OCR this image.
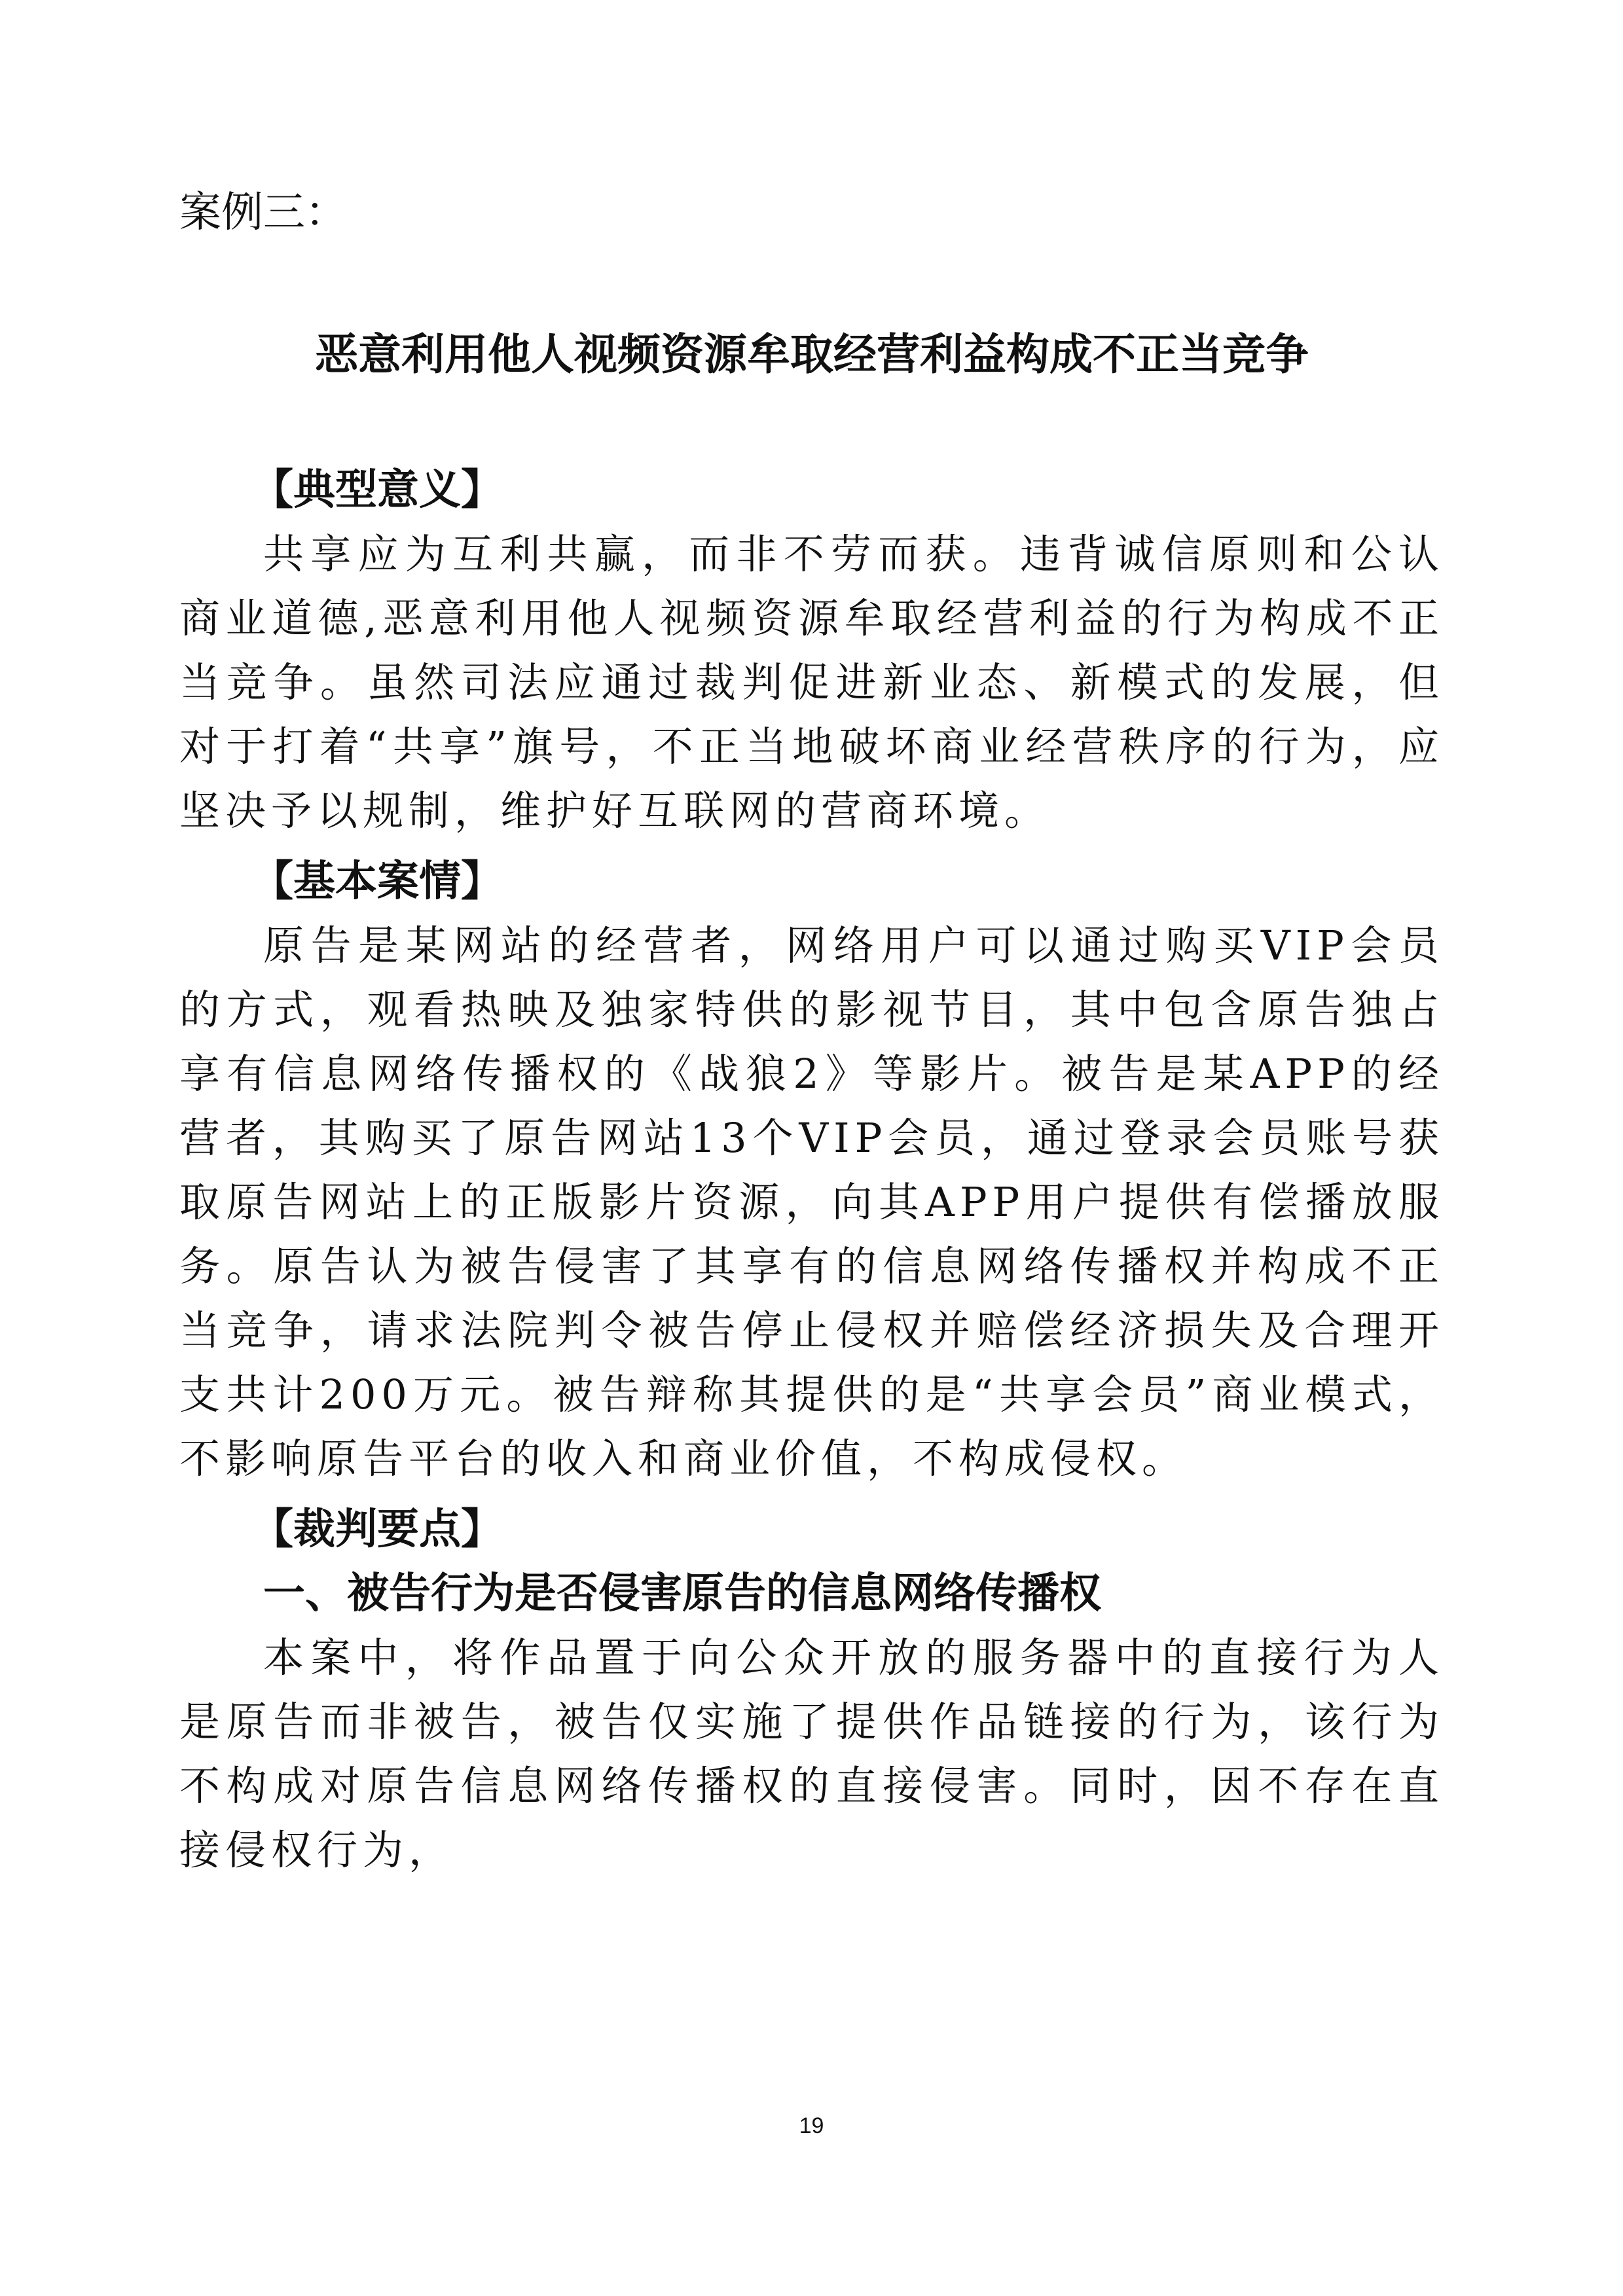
案例三：
恶意利用他人视频资源牟取经营利益构成不正当竞争
【典型意义】

共享应为互利共赢，而非不劳而获。违背诚信原则和公认商业道德,恶意利用他人视频资源牟取经营利益的行为构成不正当竞争。虽然司法应通过裁判促进新业态、新模式的发展，但对于打着“共享”旗号，不正当地破坏商业经营秩序的行为，应坚决予以规制，维护好互联网的营商环境。

【基本案情】

原告是某网站的经营者，网络用户可以通过购买VIP会员的方式，观看热映及独家特供的影视节目，其中包含原告独占享有信息网络传播权的《战狼2》等影片。被告是某APP的经营者，其购买了原告网站13个VIP会员，通过登录会员账号获取原告网站上的正版影片资源，向其APP用户提供有偿播放服务。原告认为被告侵害了其享有的信息网络传播权并构成不正当竞争，请求法院判令被告停止侵权并赔偿经济损失及合理开支共计200万元。被告辩称其提供的是“共享会员”商业模式，不影响原告平台的收入和商业价值，不构成侵权。

【裁判要点】
一、被告行为是否侵害原告的信息网络传播权

本案中，将作品置于向公众开放的服务器中的直接行为人是原告而非被告，被告仅实施了提供作品链接的行为，该行为不构成对原告信息网络传播权的直接侵害。同时，因不存在直接侵权行为，

19
